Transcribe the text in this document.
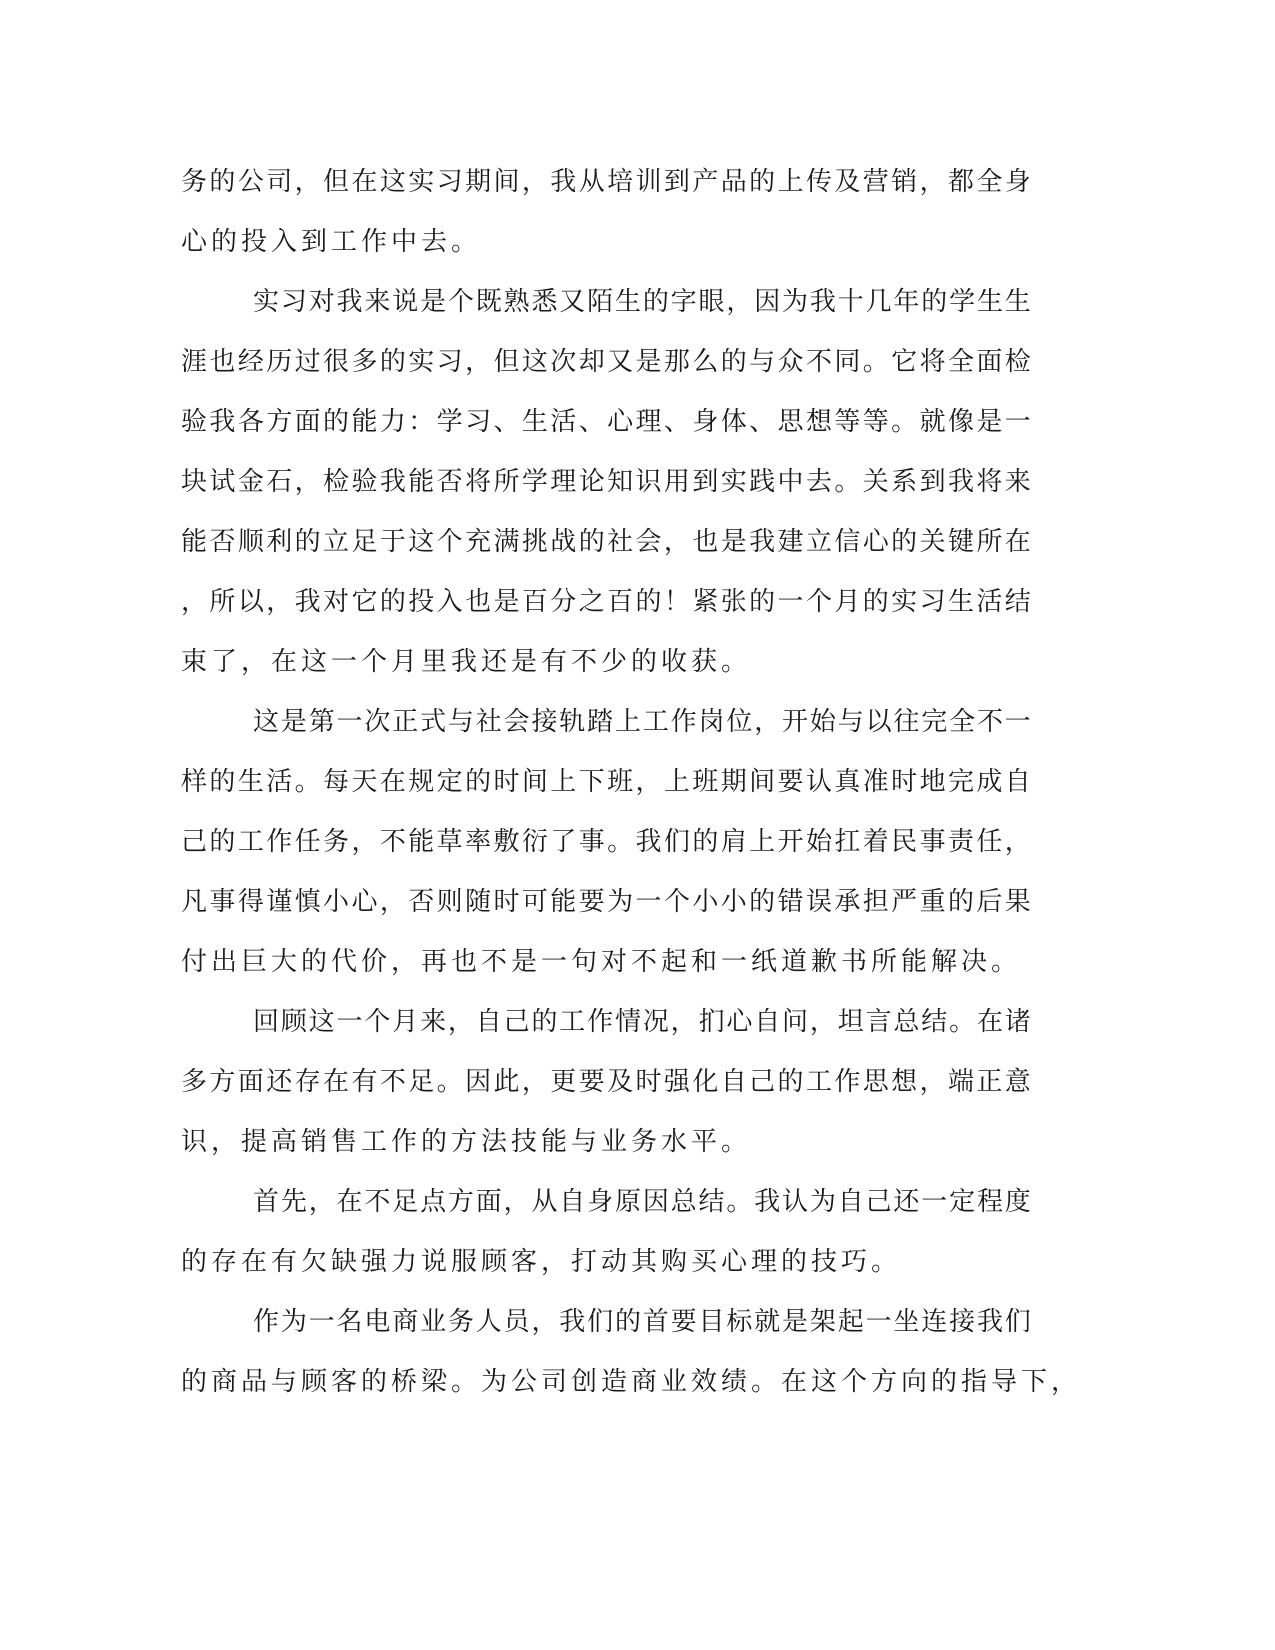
务 的 公 司 ， 但 在 这 实 习 期 间 ， 我 从 培 训 到 产 品 的 上 传 及 营 销 ， 都 全 身
心的投入到工作中去。
实 习 对 我 来 说 是 个 既 熟 悉 又 陌 生 的 字 眼 ， 因 为 我 十 几 年 的 学 生 生
涯 也 经 历 过 很 多 的 实 习 ， 但 这 次 却 又 是 那 么 的 与 众 不 同 。 它 将 全 面 检
验 我 各 方 面 的 能 力 ： 学 习 、 生 活 、 心 理 、 身 体 、 思 想 等 等 。 就 像 是 一
块 试 金 石 ， 检 验 我 能 否 将 所 学 理 论 知 识 用 到 实 践 中 去 。 关 系 到 我 将 来
能 否 顺 利 的 立 足 于 这 个 充 满 挑 战 的 社 会 ， 也 是 我 建 立 信 心 的 关 键 所 在
， 所 以 ， 我 对 它 的 投 入 也 是 百 分 之 百 的 ！ 紧 张 的 一 个 月 的 实 习 生 活 结
束了，在这一个月里我还是有不少的收获。
这 是 第 一 次 正 式 与 社 会 接 轨 踏 上 工 作 岗 位 ， 开 始 与 以 往 完 全 不 一
样 的 生 活 。 每 天 在 规 定 的 时 间 上 下 班 ， 上 班 期 间 要 认 真 准 时 地 完 成 自
己 的 工 作 任 务 ， 不 能 草 率 敷 衍 了 事 。 我 们 的 肩 上 开 始 扛 着 民 事 责 任 ，
凡 事 得 谨 慎 小 心 ， 否 则 随 时 可 能 要 为 一 个 小 小 的 错 误 承 担 严 重 的 后 果
付出巨大的代价，再也不是一句对不起和一纸道歉书所能解决。
回 顾 这 一 个 月 来 ， 自 己 的 工 作 情 况 ， 扪 心 自 问 ， 坦 言 总 结 。 在 诸
多 方 面 还 存 在 有 不 足 。 因 此 ， 更 要 及 时 强 化 自 己 的 工 作 思 想 ， 端 正 意
识，提高销售工作的方法技能与业务水平。
首 先 ， 在 不 足 点 方 面 ， 从 自 身 原 因 总 结 。 我 认 为 自 己 还 一 定 程 度
的存在有欠缺强力说服顾客，打动其购买心理的技巧。
作 为 一 名 电 商 业 务 人 员 ， 我 们 的 首 要 目 标 就 是 架 起 一 坐 连 接 我 们
的商品与顾客的桥梁。为公司创造商业效绩。在这个方向的指导下，
